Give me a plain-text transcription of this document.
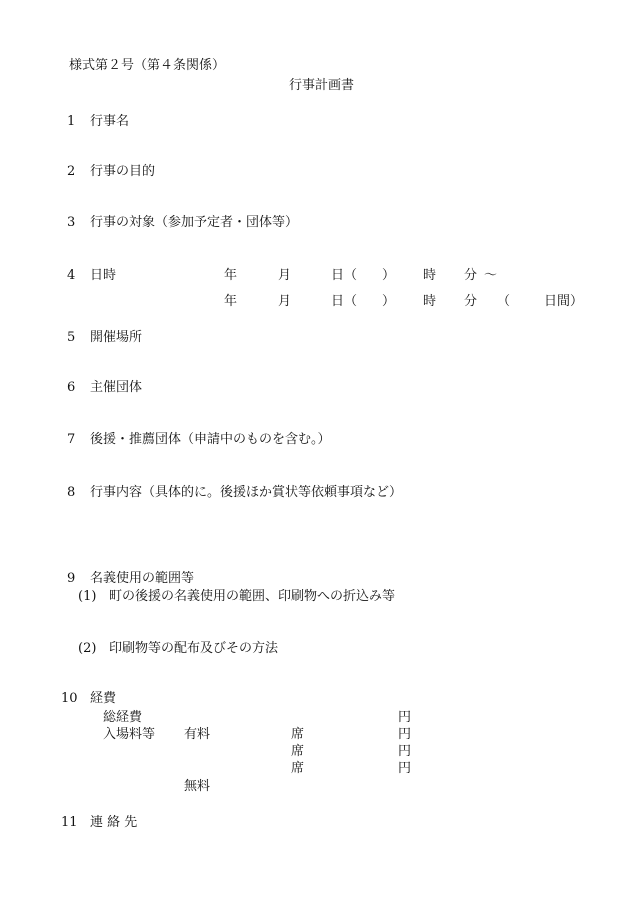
様式第２号（第４条関係）
行事計画書
1 行事名
2 行事の目的
3 行事の対象（参加予定者・団体等）
4 日時	年	月	日（ ） 時 分 〜
年	月	日（ ） 時 分 （	日間）
5 開催場所
6 主催団体
7 後援・推薦団体（申請中のものを含む。）
8 行事内容（具体的に。後援ほか賞状等依頼事項など）
9 名義使用の範囲等
(1) 町の後援の名義使用の範囲、印刷物への折込み等
(2) 印刷物等の配布及びその方法
10 経費
総経費	円
入場料等 有料	席	円
席	円
席	円
無料
11 連 絡 先
